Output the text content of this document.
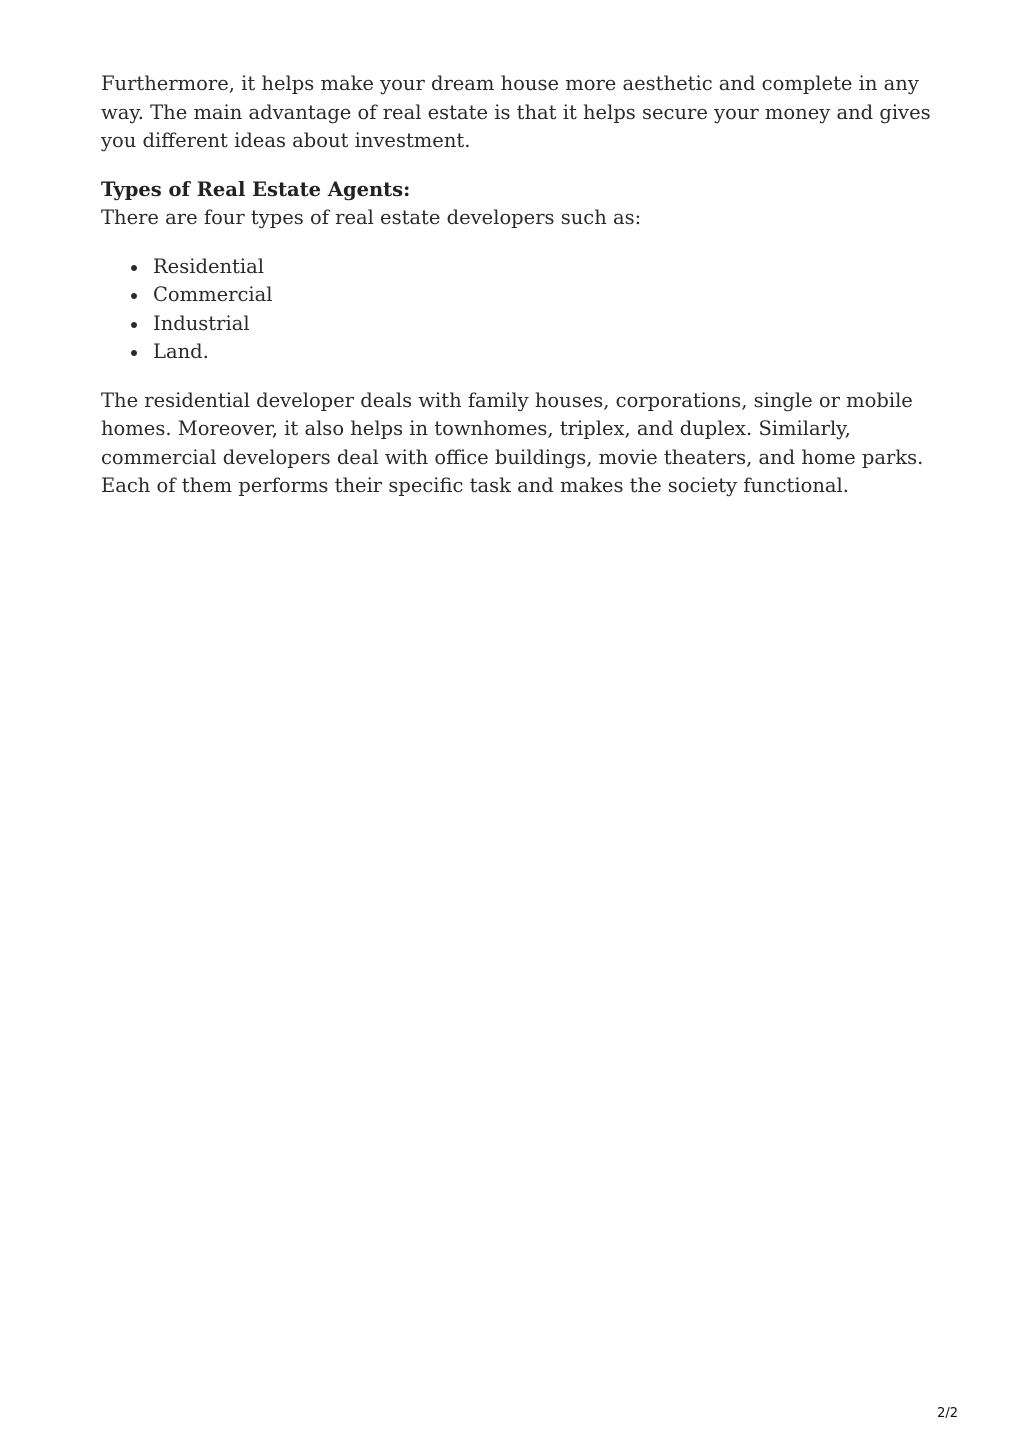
Furthermore, it helps make your dream house more aesthetic and complete in any way. The main advantage of real estate is that it helps secure your money and gives you different ideas about investment.

Types of Real Estate Agents:

There are four types of real estate developers such as:

Residential
Commercial
Industrial
Land.

The residential developer deals with family houses, corporations, single or mobile homes. Moreover, it also helps in townhomes, triplex, and duplex. Similarly, commercial developers deal with office buildings, movie theaters, and home parks. Each of them performs their specific task and makes the society functional.

2/2
